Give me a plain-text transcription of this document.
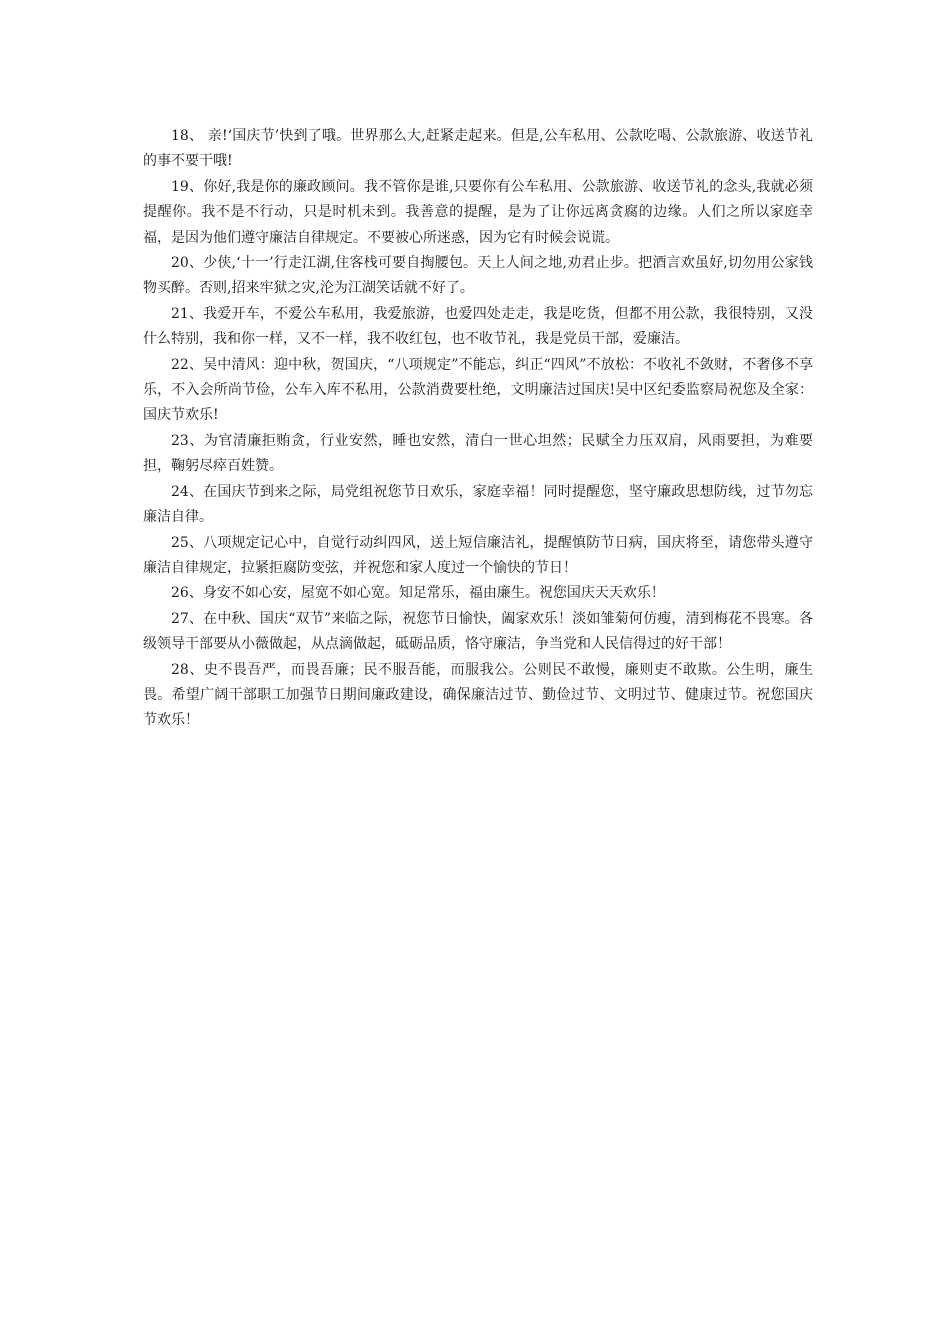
18、 亲!‘国庆节’快到了哦。世界那么大,赶紧走起来。但是,公车私用、公款吃喝、公款旅游、收送节礼的事不要干哦!

19、你好,我是你的廉政顾问。我不管你是谁,只要你有公车私用、公款旅游、收送节礼的念头,我就必须提醒你。我不是不行动，只是时机未到。我善意的提醒，是为了让你远离贪腐的边缘。人们之所以家庭幸福，是因为他们遵守廉洁自律规定。不要被心所迷惑，因为它有时候会说谎。

20、少侠,‘十一’行走江湖,住客栈可要自掏腰包。天上人间之地,劝君止步。把酒言欢虽好,切勿用公家钱物买醉。否则,招来牢狱之灾,沦为江湖笑话就不好了。

21、我爱开车，不爱公车私用，我爱旅游，也爱四处走走，我是吃货，但都不用公款，我很特别，又没什么特别，我和你一样，又不一样，我不收红包，也不收节礼，我是党员干部，爱廉洁。

22、吴中清风：迎中秋，贺国庆，“八项规定”不能忘，纠正“四风”不放松：不收礼不敛财，不奢侈不享乐，不入会所尚节俭，公车入库不私用，公款消费要杜绝，文明廉洁过国庆!吴中区纪委监察局祝您及全家：国庆节欢乐!

23、为官清廉拒贿贪，行业安然，睡也安然，清白一世心坦然；民赋全力压双肩，风雨要担，为难要担，鞠躬尽瘁百姓赞。

24、在国庆节到来之际，局党组祝您节日欢乐，家庭幸福！同时提醒您，坚守廉政思想防线，过节勿忘廉洁自律。

25、八项规定记心中，自觉行动纠四风，送上短信廉洁礼，提醒慎防节日病，国庆将至，请您带头遵守廉洁自律规定，拉紧拒腐防变弦，并祝您和家人度过一个愉快的节日！

26、身安不如心安，屋宽不如心宽。知足常乐，福由廉生。祝您国庆天天欢乐！

27、在中秋、国庆“双节”来临之际，祝您节日愉快，阖家欢乐！淡如雏菊何仿瘦，清到梅花不畏寒。各级领导干部要从小薇做起，从点滴做起，砥砺品质，恪守廉洁，争当党和人民信得过的好干部！

28、史不畏吾严，而畏吾廉；民不服吾能，而服我公。公则民不敢慢，廉则吏不敢欺。公生明，廉生畏。希望广阔干部职工加强节日期间廉政建设，确保廉洁过节、勤俭过节、文明过节、健康过节。祝您国庆节欢乐！
